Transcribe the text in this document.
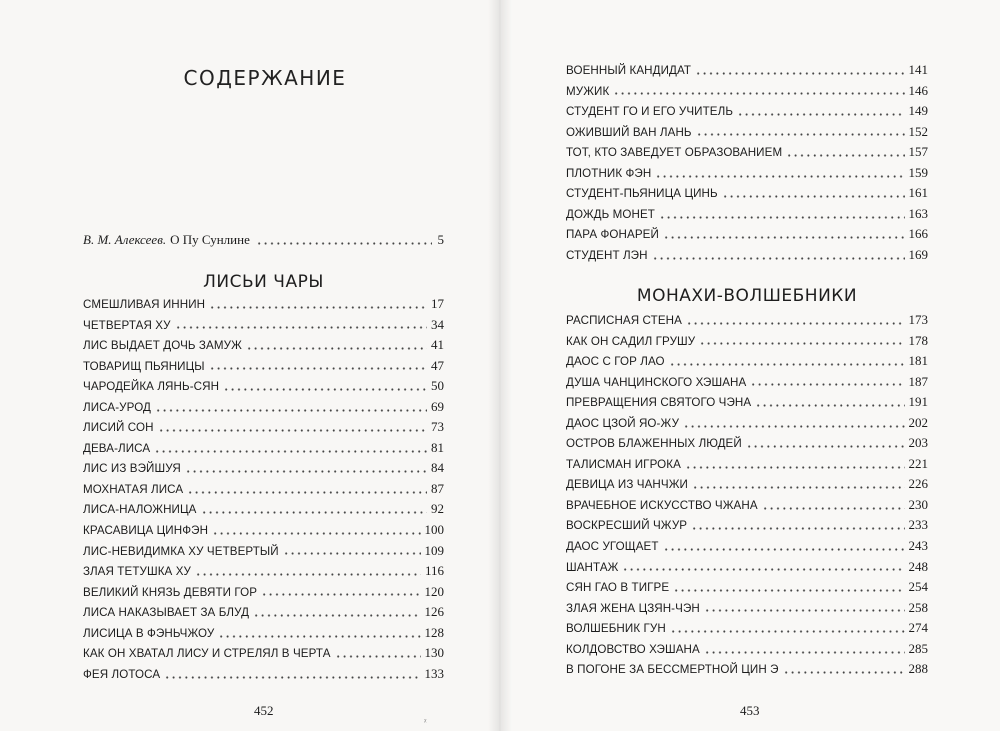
СОДЕРЖАНИЕ
В. М. Алексеев. О Пу Сунлине	5
ЛИСЬИ ЧАРЫ
СМЕШЛИВАЯ ИННИН	17
ЧЕТВЕРТАЯ ХУ	34
ЛИС ВЫДАЕТ ДОЧЬ ЗАМУЖ	41
ТОВАРИЩ ПЬЯНИЦЫ	47
ЧАРОДЕЙКА ЛЯНЬ-СЯН	50
ЛИСА-УРОД	69
ЛИСИЙ СОН	73
ДЕВА-ЛИСА	81
ЛИС ИЗ ВЭЙШУЯ	84
МОХНАТАЯ ЛИСА	87
ЛИСА-НАЛОЖНИЦА	92
КРАСАВИЦА ЦИНФЭН	100
ЛИС-НЕВИДИМКА ХУ ЧЕТВЕРТЫЙ	109
ЗЛАЯ ТЕТУШКА ХУ	116
ВЕЛИКИЙ КНЯЗЬ ДЕВЯТИ ГОР	120
ЛИСА НАКАЗЫВАЕТ ЗА БЛУД	126
ЛИСИЦА В ФЭНЬЧЖОУ	128
КАК ОН ХВАТАЛ ЛИСУ И СТРЕЛЯЛ В ЧЕРТА	130
ФЕЯ ЛОТОСА	133
452
ВОЕННЫЙ КАНДИДАТ	141
МУЖИК	146
СТУДЕНТ ГО И ЕГО УЧИТЕЛЬ	149
ОЖИВШИЙ ВАН ЛАНЬ	152
ТОТ, КТО ЗАВЕДУЕТ ОБРАЗОВАНИЕМ	157
ПЛОТНИК ФЭН	159
СТУДЕНТ-ПЬЯНИЦА ЦИНЬ	161
ДОЖДЬ МОНЕТ	163
ПАРА ФОНАРЕЙ	166
СТУДЕНТ ЛЭН	169
МОНАХИ-ВОЛШЕБНИКИ
РАСПИСНАЯ СТЕНА	173
КАК ОН САДИЛ ГРУШУ	178
ДАОС С ГОР ЛАО	181
ДУША ЧАНЦИНСКОГО ХЭШАНА	187
ПРЕВРАЩЕНИЯ СВЯТОГО ЧЭНА	191
ДАОС ЦЗОЙ ЯО-ЖУ	202
ОСТРОВ БЛАЖЕННЫХ ЛЮДЕЙ	203
ТАЛИСМАН ИГРОКА	221
ДЕВИЦА ИЗ ЧАНЧЖИ	226
ВРАЧЕБНОЕ ИСКУССТВО ЧЖАНА	230
ВОСКРЕСШИЙ ЧЖУР	233
ДАОС УГОЩАЕТ	243
ШАНТАЖ	248
СЯН ГАО В ТИГРЕ	254
ЗЛАЯ ЖЕНА ЦЗЯН-ЧЭН	258
ВОЛШЕБНИК ГУН	274
КОЛДОВСТВО ХЭШАНА	285
В ПОГОНЕ ЗА БЕССМЕРТНОЙ ЦИН Э	288
453
ᵡ
